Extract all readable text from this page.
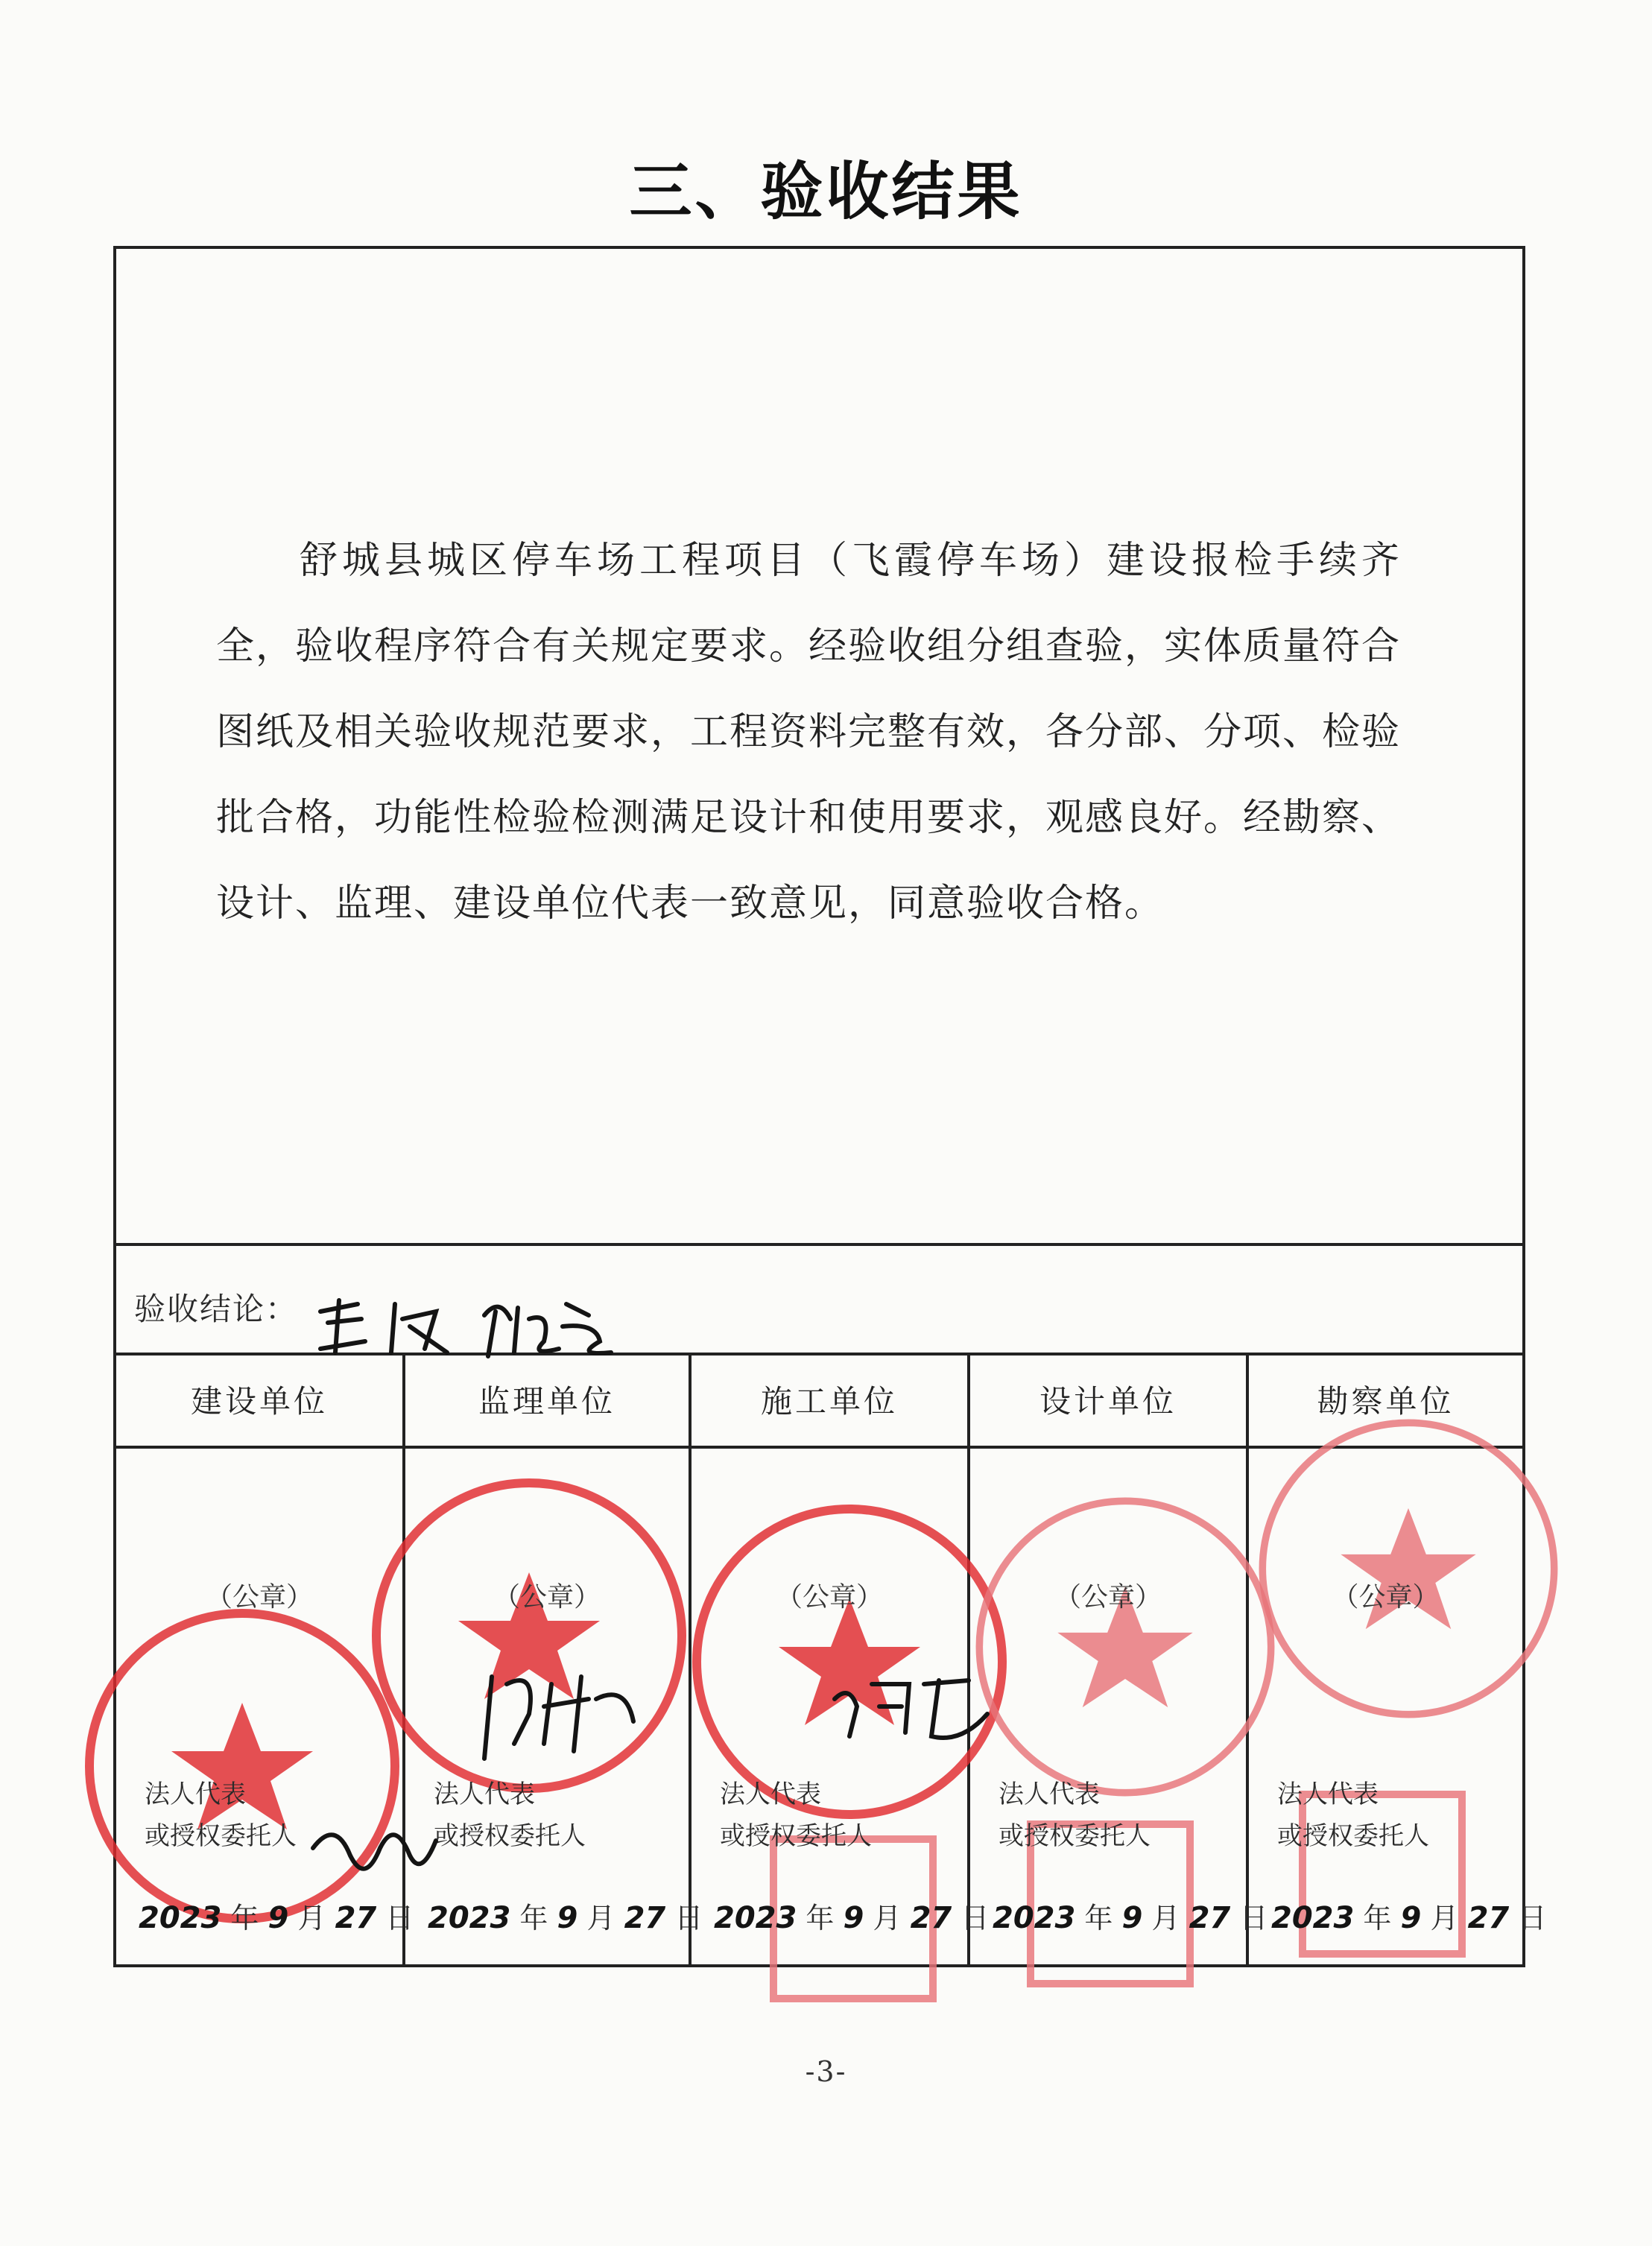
三、验收结果
舒城县城区停车场工程项目（飞霞停车场）建设报检手续齐全，验收程序符合有关规定要求。经验收组分组查验，实体质量符合图纸及相关验收规范要求，工程资料完整有效，各分部、分项、检验批合格，功能性检验检测满足设计和使用要求，观感良好。经勘察、设计、监理、建设单位代表一致意见，同意验收合格。
验收结论：
建设单位
（公章）
法人代表
或授权委托人
2023 年 9 月 27 日
监理单位
（公章）
法人代表
或授权委托人
2023 年 9 月 27 日
施工单位
（公章）
法人代表
或授权委托人
2023 年 9 月 27 日
设计单位
（公章）
法人代表
或授权委托人
2023 年 9 月 27 日
勘察单位
（公章）
法人代表
或授权委托人
2023 年 9 月 27 日
-3-
